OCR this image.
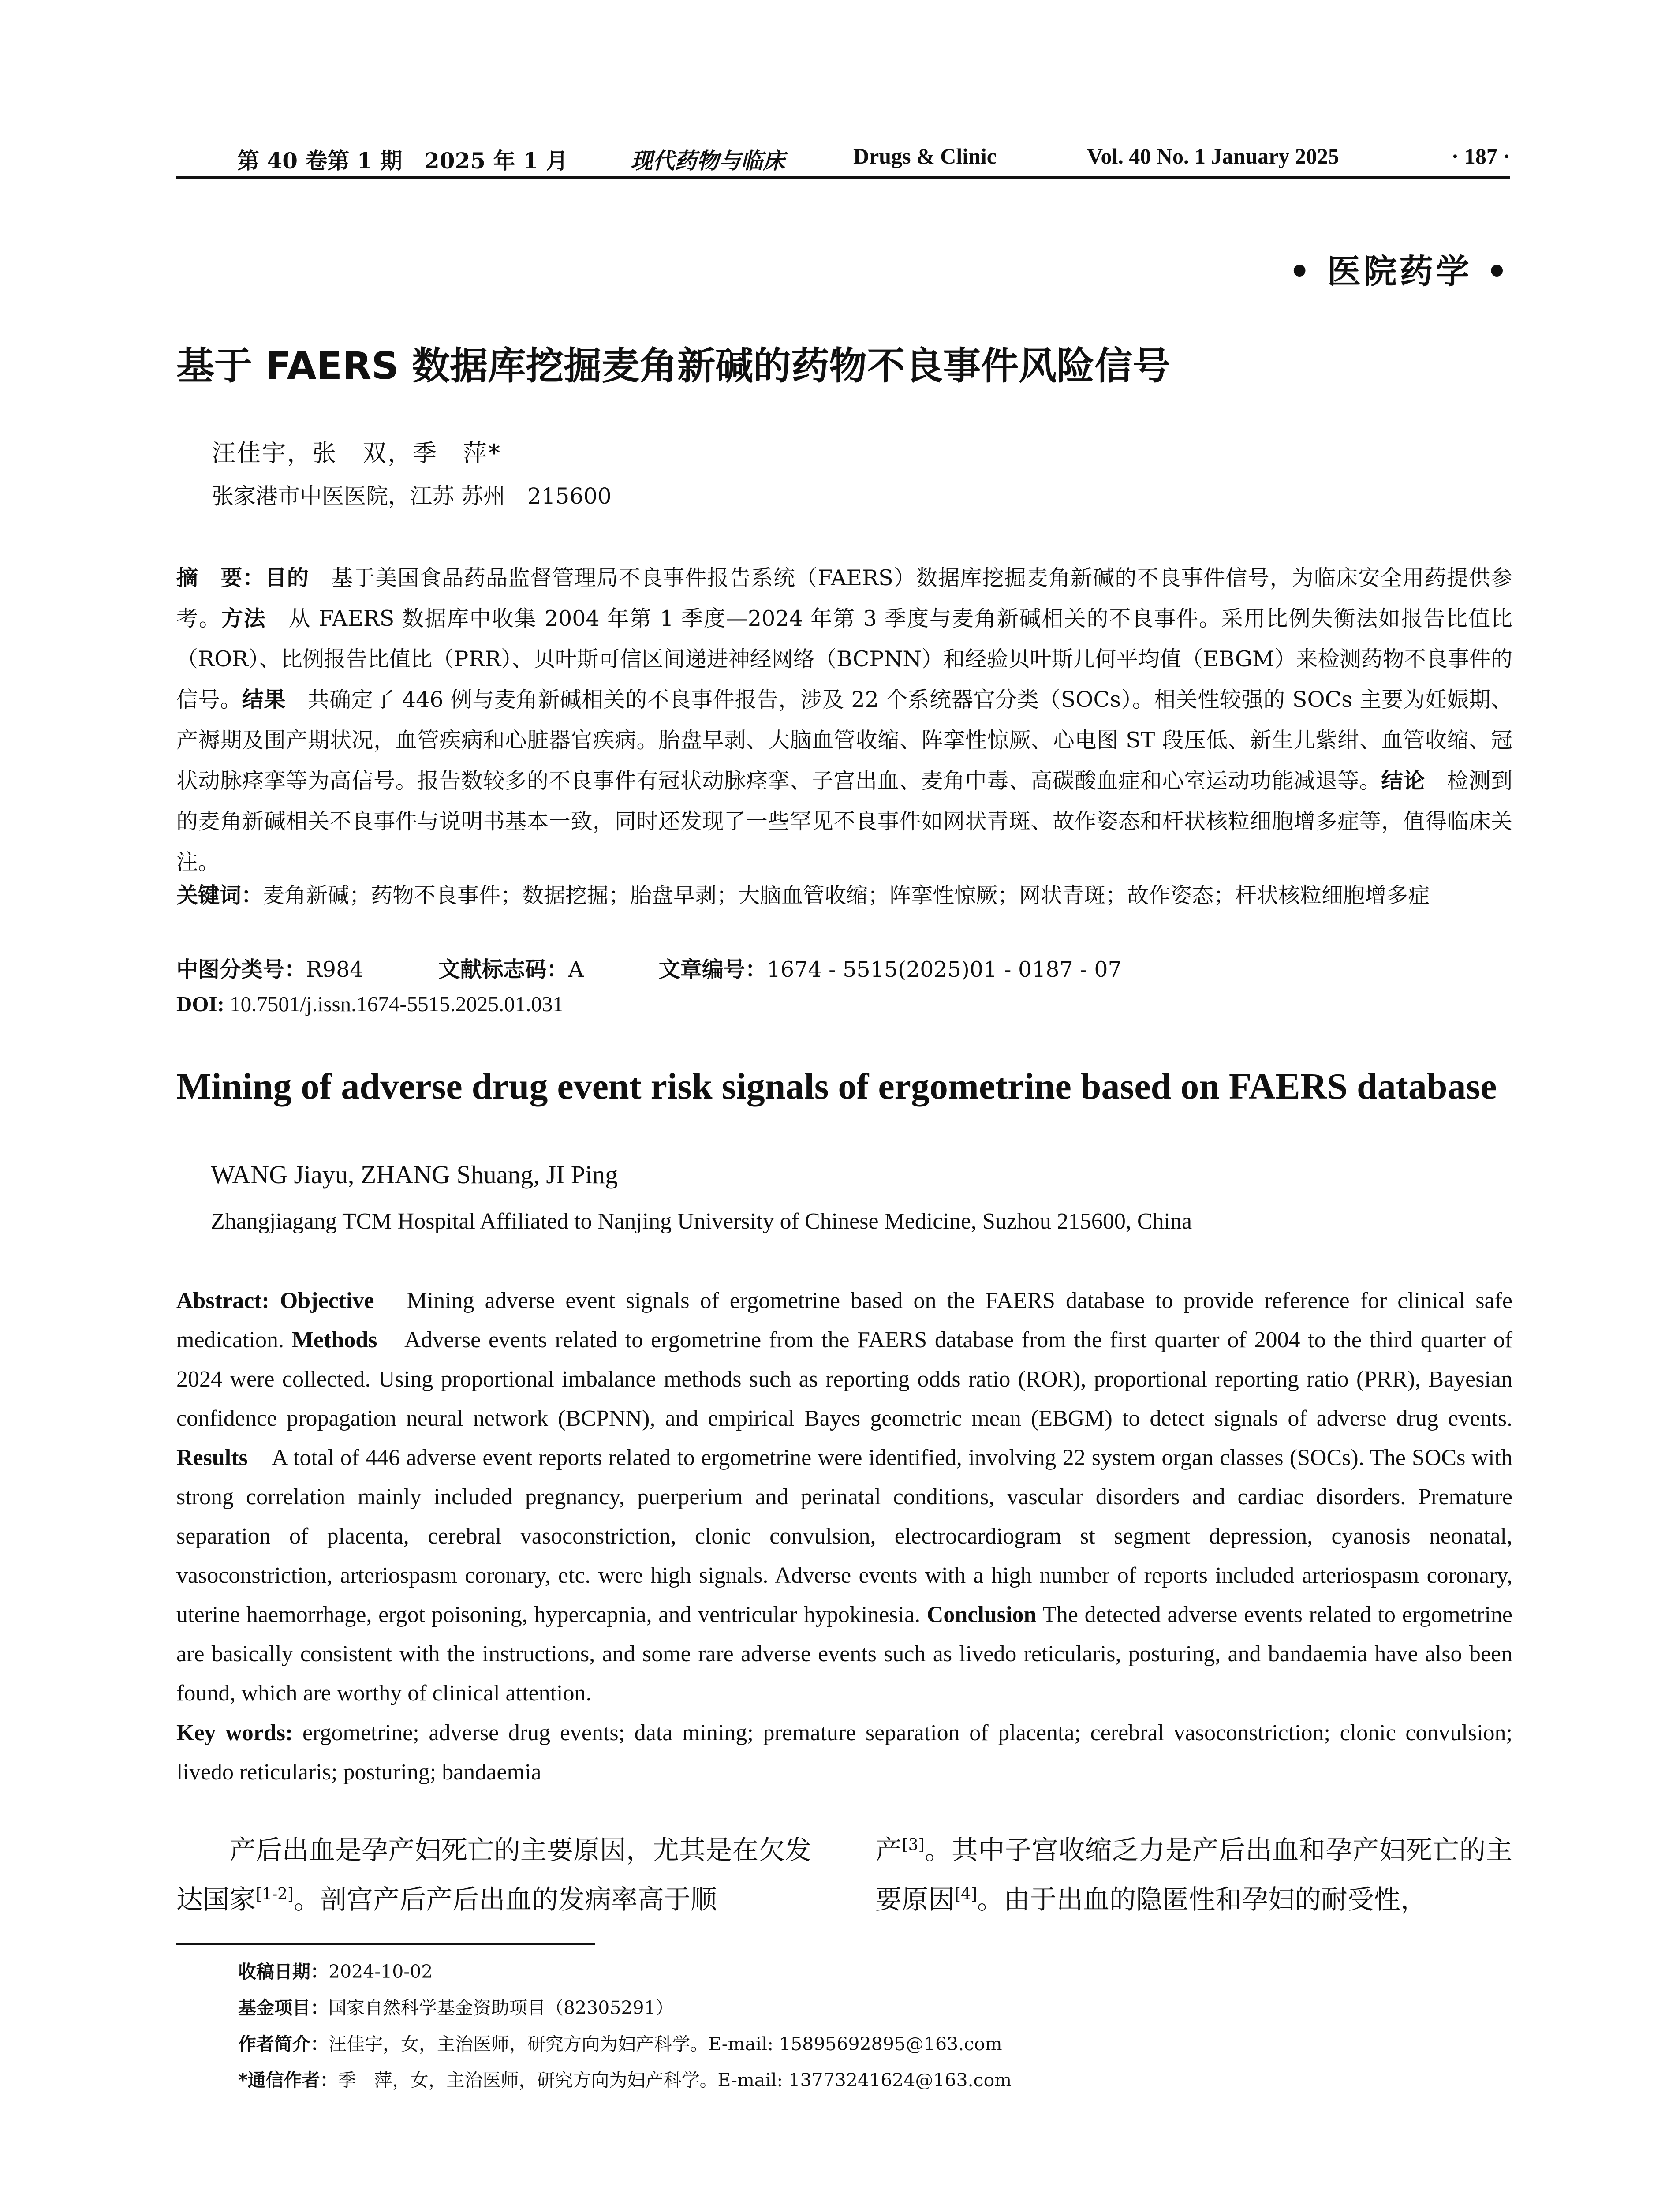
第 40 卷第 1 期　2025 年 1 月	现代药物与临床	Drugs & Clinic	Vol. 40 No. 1 January 2025	· 187 ·
• 医院药学 •
基于 FAERS 数据库挖掘麦角新碱的药物不良事件风险信号
汪佳宇，张　双，季　萍*
张家港市中医医院，江苏 苏州　215600
摘　要：目的　基于美国食品药品监督管理局不良事件报告系统（FAERS）数据库挖掘麦角新碱的不良事件信号，为临床安全用药提供参考。方法　从 FAERS 数据库中收集 2004 年第 1 季度—2024 年第 3 季度与麦角新碱相关的不良事件。采用比例失衡法如报告比值比（ROR）、比例报告比值比（PRR）、贝叶斯可信区间递进神经网络（BCPNN）和经验贝叶斯几何平均值（EBGM）来检测药物不良事件的信号。结果　共确定了 446 例与麦角新碱相关的不良事件报告，涉及 22 个系统器官分类（SOCs）。相关性较强的 SOCs 主要为妊娠期、产褥期及围产期状况，血管疾病和心脏器官疾病。胎盘早剥、大脑血管收缩、阵挛性惊厥、心电图 ST 段压低、新生儿紫绀、血管收缩、冠状动脉痉挛等为高信号。报告数较多的不良事件有冠状动脉痉挛、子宫出血、麦角中毒、高碳酸血症和心室运动功能减退等。结论　检测到的麦角新碱相关不良事件与说明书基本一致，同时还发现了一些罕见不良事件如网状青斑、故作姿态和杆状核粒细胞增多症等，值得临床关注。
关键词：麦角新碱；药物不良事件；数据挖掘；胎盘早剥；大脑血管收缩；阵挛性惊厥；网状青斑；故作姿态；杆状核粒细胞增多症
中图分类号：R984	文献标志码：A	文章编号：1674 - 5515(2025)01 - 0187 - 07
DOI: 10.7501/j.issn.1674-5515.2025.01.031
Mining of adverse drug event risk signals of ergometrine based on FAERS database
WANG Jiayu, ZHANG Shuang, JI Ping
Zhangjiagang TCM Hospital Affiliated to Nanjing University of Chinese Medicine, Suzhou 215600, China
Abstract: Objective　Mining adverse event signals of ergometrine based on the FAERS database to provide reference for clinical safe medication. Methods　Adverse events related to ergometrine from the FAERS database from the first quarter of 2004 to the third quarter of 2024 were collected. Using proportional imbalance methods such as reporting odds ratio (ROR), proportional reporting ratio (PRR), Bayesian confidence propagation neural network (BCPNN), and empirical Bayes geometric mean (EBGM) to detect signals of adverse drug events. Results　A total of 446 adverse event reports related to ergometrine were identified, involving 22 system organ classes (SOCs). The SOCs with strong correlation mainly included pregnancy, puerperium and perinatal conditions, vascular disorders and cardiac disorders. Premature separation of placenta, cerebral vasoconstriction, clonic convulsion, electrocardiogram st segment depression, cyanosis neonatal, vasoconstriction, arteriospasm coronary, etc. were high signals. Adverse events with a high number of reports included arteriospasm coronary, uterine haemorrhage, ergot poisoning, hypercapnia, and ventricular hypokinesia. Conclusion The detected adverse events related to ergometrine are basically consistent with the instructions, and some rare adverse events such as livedo reticularis, posturing, and bandaemia have also been found, which are worthy of clinical attention.
Key words: ergometrine; adverse drug events; data mining; premature separation of placenta; cerebral vasoconstriction; clonic convulsion; livedo reticularis; posturing; bandaemia
产后出血是孕产妇死亡的主要原因，尤其是在欠发达国家[1-2]。剖宫产后产后出血的发病率高于顺
产[3]。其中子宫收缩乏力是产后出血和孕产妇死亡的主要原因[4]。由于出血的隐匿性和孕妇的耐受性，
收稿日期：2024-10-02
基金项目：国家自然科学基金资助项目（82305291）
作者简介：汪佳宇，女，主治医师，研究方向为妇产科学。E-mail: 15895692895@163.com
*通信作者：季　萍，女，主治医师，研究方向为妇产科学。E-mail: 13773241624@163.com
